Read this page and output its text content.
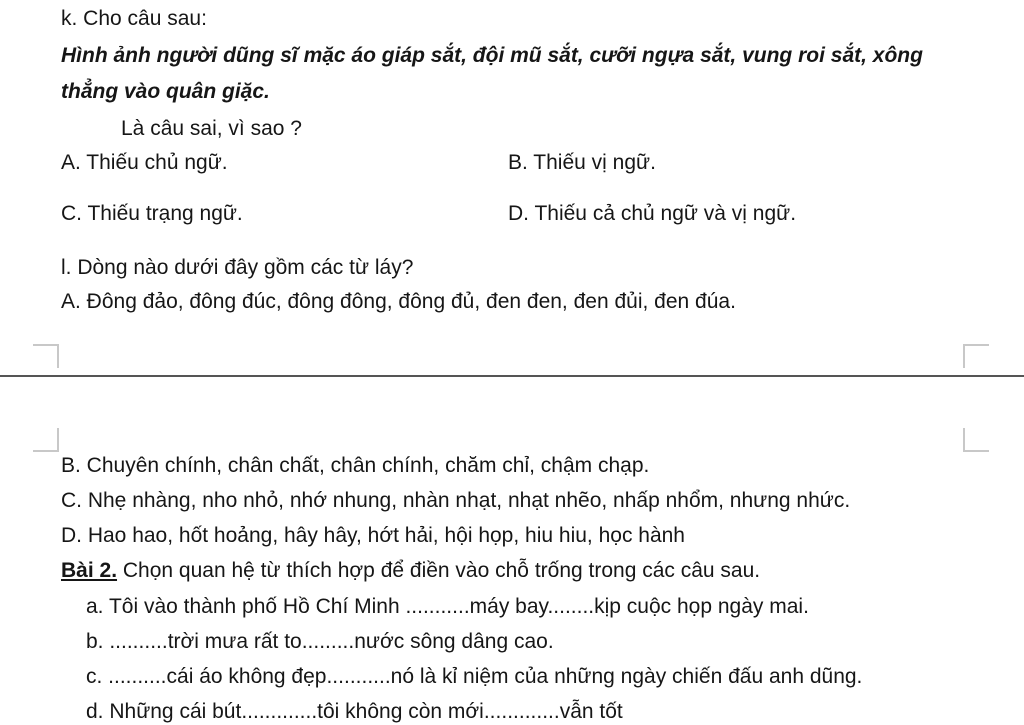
k. Cho câu sau:
Hình ảnh người dũng sĩ mặc áo giáp sắt, đội mũ sắt, cưỡi ngựa sắt, vung roi sắt, xông
thẳng vào quân giặc.
Là câu sai, vì sao ?
A. Thiếu chủ ngữ.	B. Thiếu vị ngữ.
C. Thiếu trạng ngữ.	D. Thiếu cả chủ ngữ và vị ngữ.
l. Dòng nào dưới đây gồm các từ láy?
A. Đông đảo, đông đúc, đông đông, đông đủ, đen đen, đen đủi, đen đúa.
B. Chuyên chính, chân chất, chân chính, chăm chỉ, chậm chạp.
C. Nhẹ nhàng, nho nhỏ, nhớ nhung, nhàn nhạt, nhạt nhẽo, nhấp nhổm, nhưng nhức.
D. Hao hao, hốt hoảng, hây hây, hớt hải, hội họp, hiu hiu, học hành
Bài 2. Chọn quan hệ từ thích hợp để điền vào chỗ trống trong các câu sau.
a. Tôi vào thành phố Hồ Chí Minh ...........máy bay........kịp cuộc họp ngày mai.
b. ..........trời mưa rất to.........nước sông dâng cao.
c. ..........cái áo không đẹp...........nó là kỉ niệm của những ngày chiến đấu anh dũng.
d. Những cái bút.............tôi không còn mới.............vẫn tốt
